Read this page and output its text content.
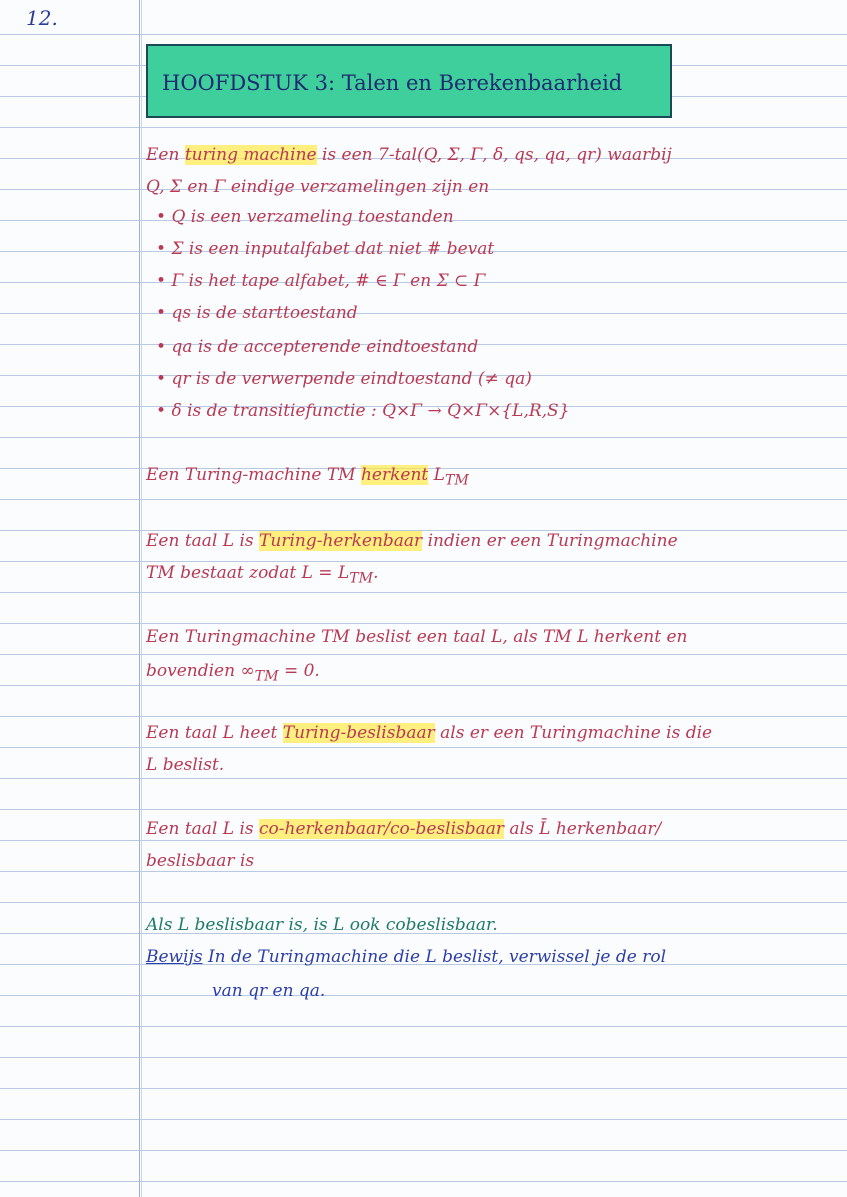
12.
HOOFDSTUK 3: Talen en Berekenbaarheid
Een turing machine is een 7-tal(Q, Σ, Γ, δ, qs, qa, qr) waarbij
Q, Σ en Γ eindige verzamelingen zijn en
• Q is een verzameling toestanden
• Σ is een inputalfabet dat niet # bevat
• Γ is het tape alfabet, # ∈ Γ en Σ ⊂ Γ
• qs is de starttoestand
• qa is de accepterende eindtoestand
• qr is de verwerpende eindtoestand (≠ qa)
• δ is de transitiefunctie : Q×Γ → Q×Γ×{L,R,S}
Een Turing-machine TM herkent $L_{TM}$
Een taal L is Turing-herkenbaar indien er een Turingmachine
TM bestaat zodat $L = L_{TM}$.
Een Turingmachine TM beslist een taal L, als TM L herkent en
bovendien $\infty_{TM} = 0$.
Een taal L heet Turing-beslisbaar als er een Turingmachine is die
L beslist.
Een taal L is co-herkenbaar/co-beslisbaar als L̄ herkenbaar/
beslisbaar is
Als L beslisbaar is, is L ook cobeslisbaar.
Bewijs In de Turingmachine die L beslist, verwissel je de rol
van qr en qa.
